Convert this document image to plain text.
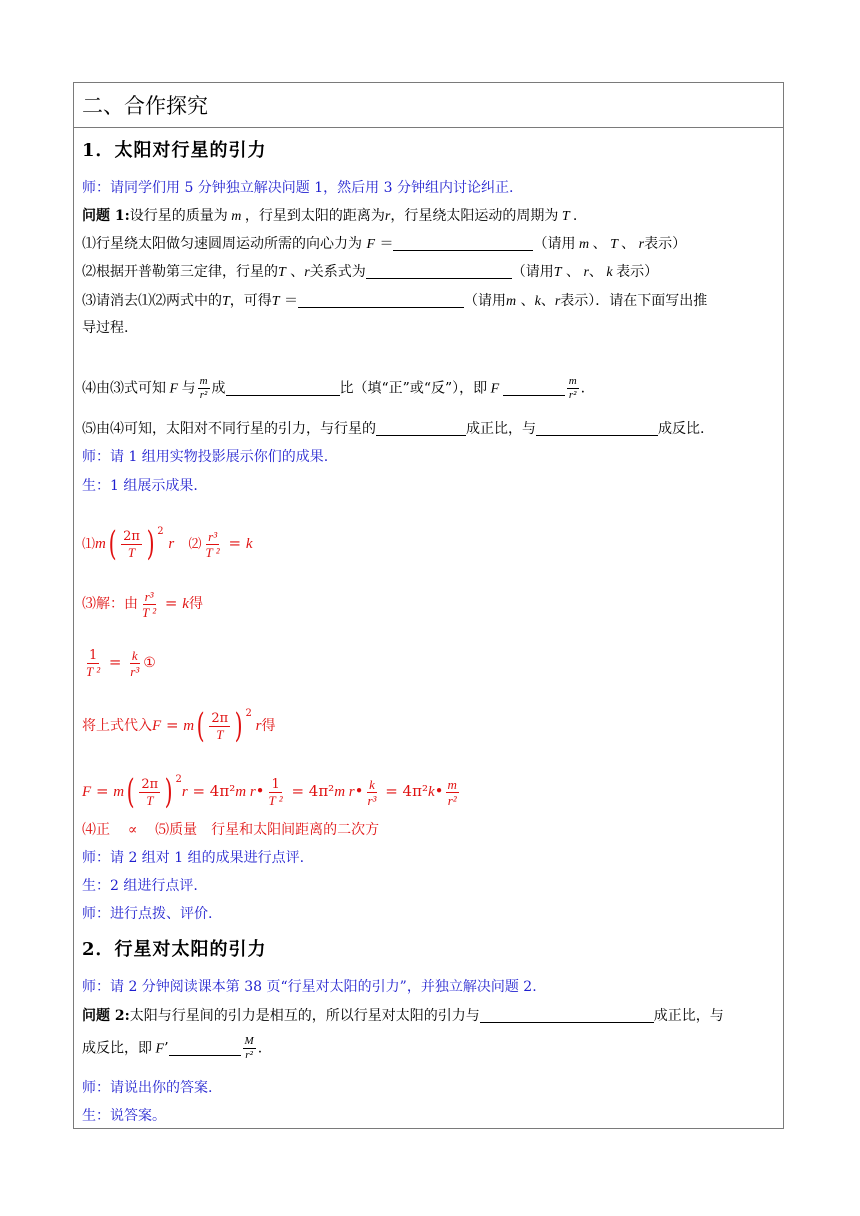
二、合作探究
1．太阳对行星的引力
师：请同学们用 5 分钟独立解决问题 1，然后用 3 分钟组内讨论纠正.
问题 1:设行星的质量为 m ，行星到太阳的距离为r，行星绕太阳运动的周期为 T .
⑴行星绕太阳做匀速圆周运动所需的向心力为 F ＝	（请用 m 、 T 、 r表示）
⑵根据开普勒第三定律，行星的T 、r关系式为	（请用T 、 r、 k 表示）
⑶请消去⑴⑵两式中的T，可得T ＝	（请用m 、k、r表示）．请在下面写出推
导过程.
⑷由⑶式可知 F 与 $\frac{m}{\text{r²}}$ 成	比（填“正”或“反”），即 F	$\frac{m}{\text{r²}}$ .
⑸由⑷可知，太阳对不同行星的引力，与行星的	成正比，与	成反比.
师：请 1 组用实物投影展示你们的成果.
生：1 组展示成果.
⑴m( $\frac{2\pi}{T}$ ) $^2$ r ⑵ $\frac{\text{r³}}{\text{T ²}} = k$
⑶解：由 $\frac{\text{r³}}{\text{T ²}} = k$得
$\frac{1}{\text{T ²}} = \frac{k}{\text{r³}}$ ①
将上式代入$F = m( \frac{2\pi}{T}$ ) $^2$ r得
$F = m( \frac{2\pi}{T}$ ) $^2$r = 4π²m r• $\frac{1}{\text{T ²}} = 4\pi^2m$ r• $\frac{k}{\text{r³}}$ = 4π²k• $\frac{m}{\text{r²}}$
⑷正 ∝ ⑸质量　行星和太阳间距离的二次方
师：请 2 组对 1 组的成果进行点评.
生：2 组进行点评.
师：进行点拨、评价.
2．行星对太阳的引力
师：请 2 分钟阅读课本第 38 页“行星对太阳的引力”，并独立解决问题 2.
问题 2:太阳与行星间的引力是相互的，所以行星对太阳的引力与	成正比，与
成反比，即 F’	$\frac{M}{\text{r²}}$ .
师：请说出你的答案.
生：说答案。
